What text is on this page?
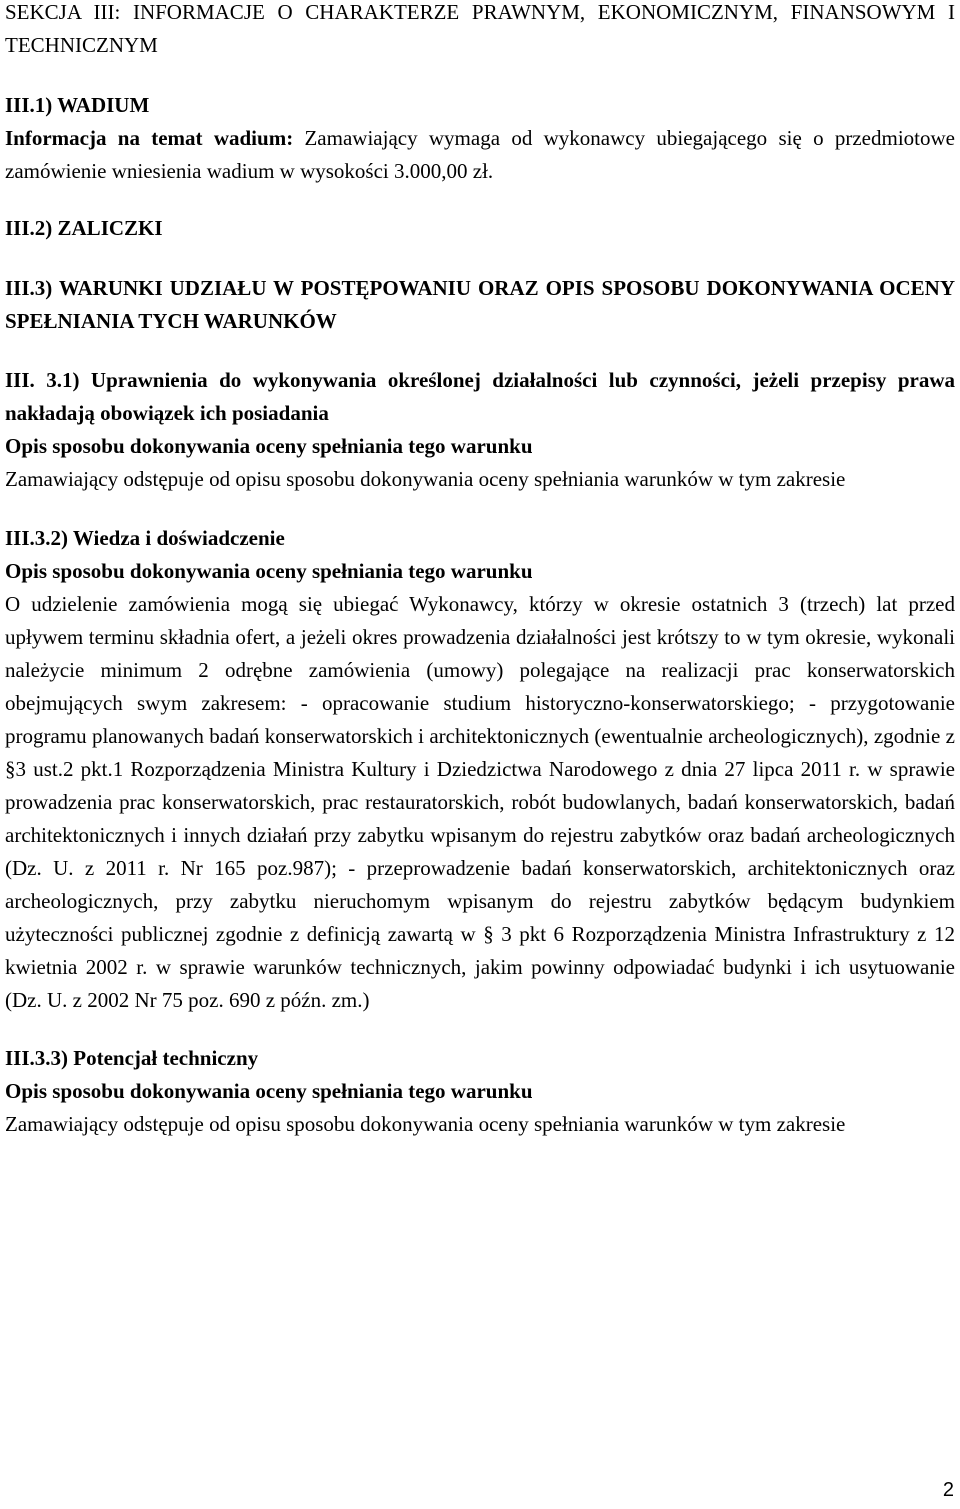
SEKCJA III: INFORMACJE O CHARAKTERZE PRAWNYM, EKONOMICZNYM, FINANSOWYM I TECHNICZNYM

III.1) WADIUM

Informacja na temat wadium: Zamawiający wymaga od wykonawcy ubiegającego się o przedmiotowe zamówienie wniesienia wadium w wysokości 3.000,00 zł.

III.2) ZALICZKI

III.3) WARUNKI UDZIAŁU W POSTĘPOWANIU ORAZ OPIS SPOSOBU DOKONYWANIA OCENY SPEŁNIANIA TYCH WARUNKÓW

III. 3.1) Uprawnienia do wykonywania określonej działalności lub czynności, jeżeli przepisy prawa nakładają obowiązek ich posiadania

Opis sposobu dokonywania oceny spełniania tego warunku

Zamawiający odstępuje od opisu sposobu dokonywania oceny spełniania warunków w tym zakresie

III.3.2) Wiedza i doświadczenie

Opis sposobu dokonywania oceny spełniania tego warunku

O udzielenie zamówienia mogą się ubiegać Wykonawcy, którzy w okresie ostatnich 3 (trzech) lat przed upływem terminu składnia ofert, a jeżeli okres prowadzenia działalności jest krótszy to w tym okresie, wykonali należycie minimum 2 odrębne zamówienia (umowy) polegające na realizacji prac konserwatorskich obejmujących swym zakresem: - opracowanie studium historyczno-konserwatorskiego; - przygotowanie programu planowanych badań konserwatorskich i architektonicznych (ewentualnie archeologicznych), zgodnie z §3 ust.2 pkt.1 Rozporządzenia Ministra Kultury i Dziedzictwa Narodowego z dnia 27 lipca 2011 r. w sprawie prowadzenia prac konserwatorskich, prac restauratorskich, robót budowlanych, badań konserwatorskich, badań architektonicznych i innych działań przy zabytku wpisanym do rejestru zabytków oraz badań archeologicznych (Dz. U. z 2011 r. Nr 165 poz.987); - przeprowadzenie badań konserwatorskich, architektonicznych oraz archeologicznych, przy zabytku nieruchomym wpisanym do rejestru zabytków będącym budynkiem użyteczności publicznej zgodnie z definicją zawartą w § 3 pkt 6 Rozporządzenia Ministra Infrastruktury z 12 kwietnia 2002 r. w sprawie warunków technicznych, jakim powinny odpowiadać budynki i ich usytuowanie (Dz. U. z 2002 Nr 75 poz. 690 z późn. zm.)

III.3.3) Potencjał techniczny

Opis sposobu dokonywania oceny spełniania tego warunku

Zamawiający odstępuje od opisu sposobu dokonywania oceny spełniania warunków w tym zakresie

2
